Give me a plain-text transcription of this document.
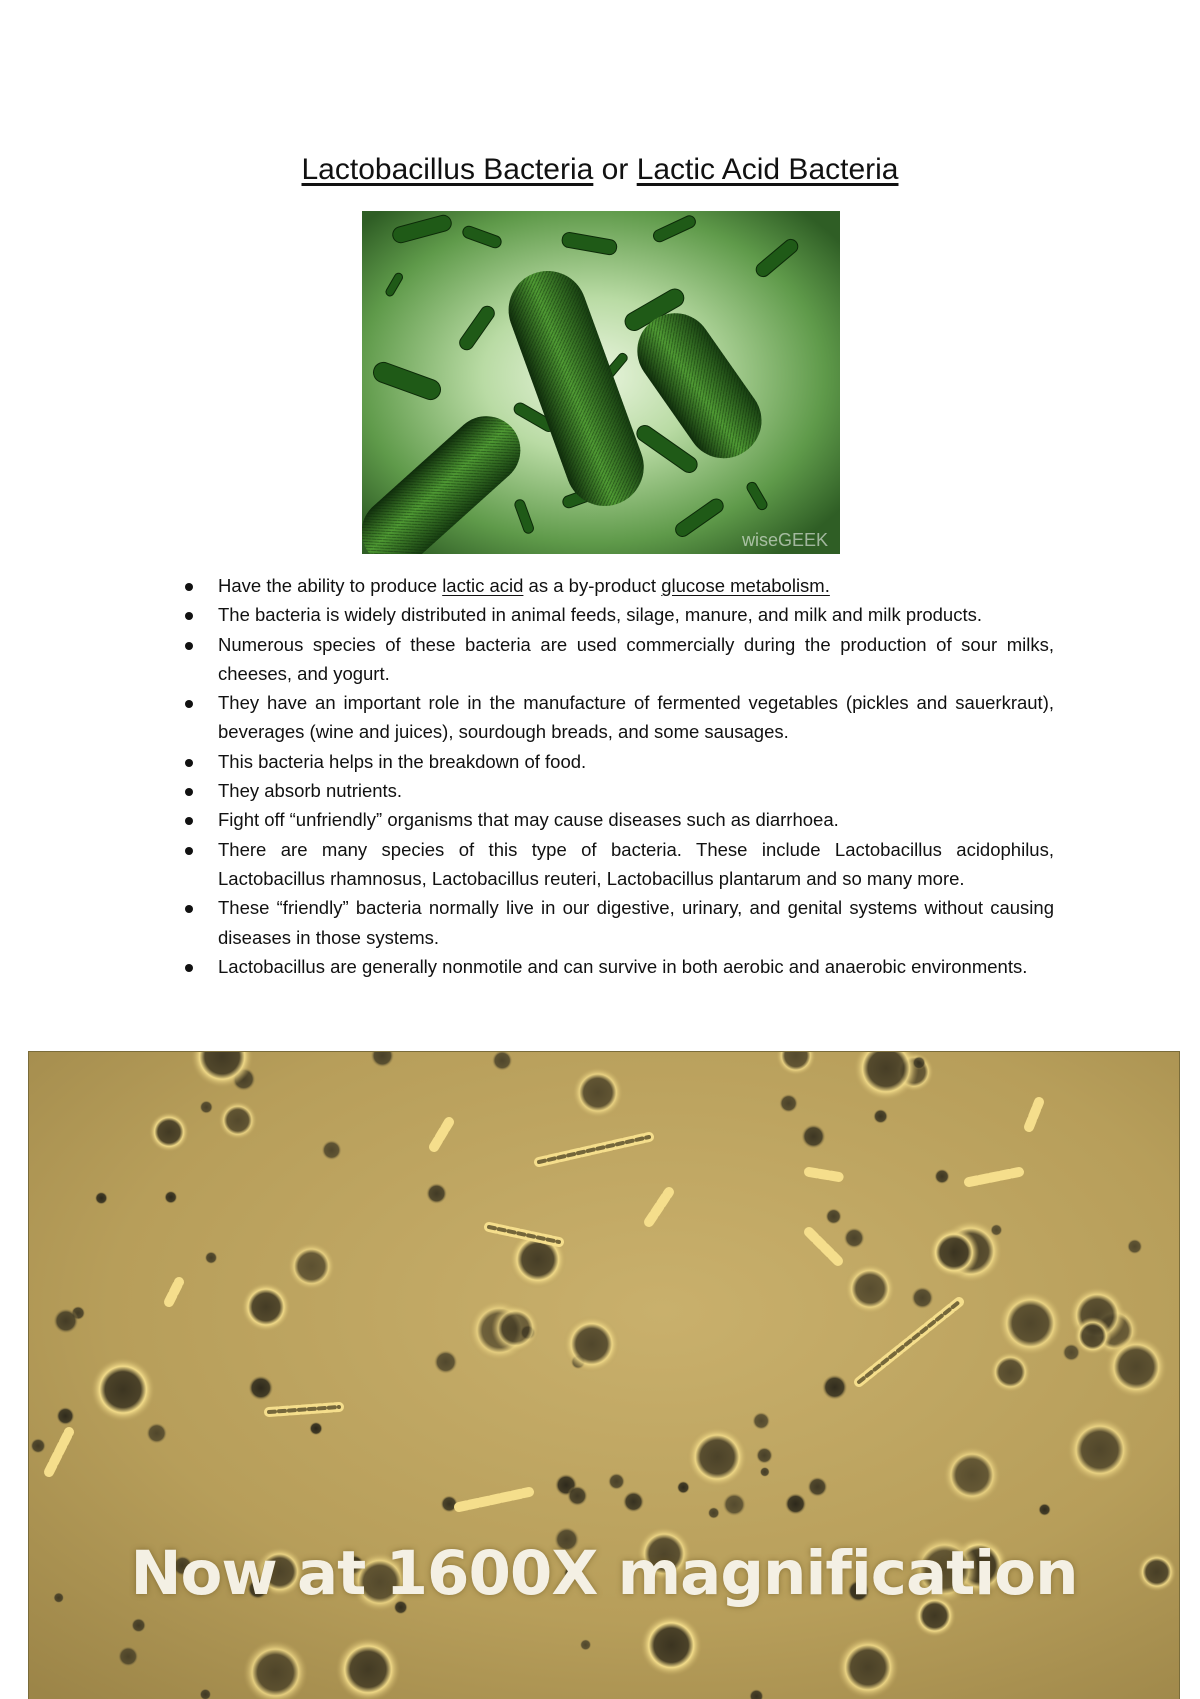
Lactobacillus Bacteria or Lactic Acid Bacteria
wiseGEEK
Have the ability to produce lactic acid as a by-product glucose metabolism.
The bacteria is widely distributed in animal feeds, silage, manure, and milk and milk products.
Numerous species of these bacteria are used commercially during the production of sour milks, cheeses, and yogurt.
They have an important role in the manufacture of fermented vegetables (pickles and sauerkraut), beverages (wine and juices), sourdough breads, and some sausages.
This bacteria helps in the breakdown of food.
They absorb nutrients.
Fight off “unfriendly” organisms that may cause diseases such as diarrhoea.
There are many species of this type of bacteria. These include Lactobacillus acidophilus, Lactobacillus rhamnosus, Lactobacillus reuteri, Lactobacillus plantarum and so many more.
These “friendly” bacteria normally live in our digestive, urinary, and genital systems without causing diseases in those systems.
Lactobacillus are generally nonmotile and can survive in both aerobic and anaerobic environments.
Now at 1600X magnification
